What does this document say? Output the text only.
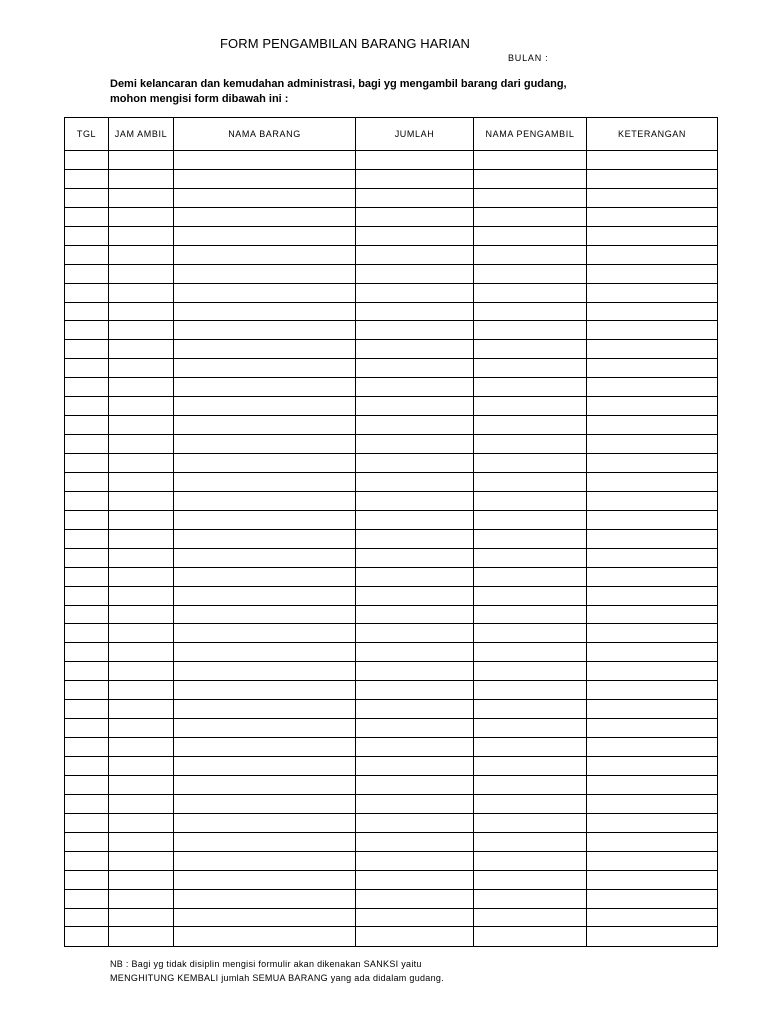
FORM PENGAMBILAN BARANG HARIAN
BULAN :
Demi kelancaran dan kemudahan administrasi, bagi yg mengambil barang dari gudang,
mohon mengisi form dibawah ini :
TGL	JAM AMBIL	NAMA BARANG	JUMLAH	NAMA PENGAMBIL	KETERANGAN

NB : Bagi yg tidak disiplin mengisi formulir akan dikenakan SANKSI yaitu
MENGHITUNG KEMBALI jumlah SEMUA BARANG yang ada didalam gudang.
